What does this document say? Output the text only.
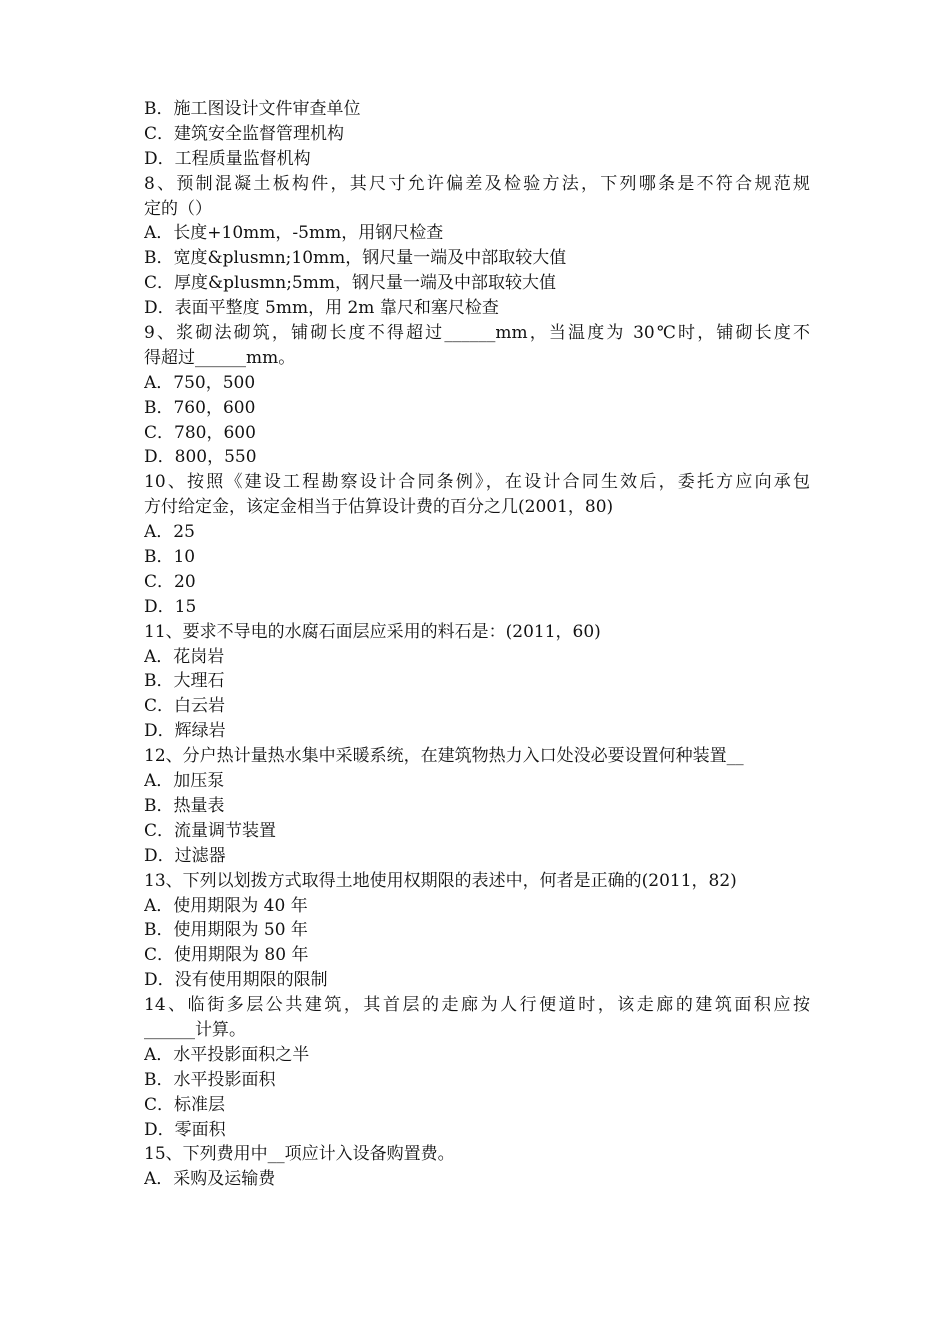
B．施工图设计文件审查单位
C．建筑安全监督管理机构
D．工程质量监督机构
8、预制混凝土板构件，其尺寸允许偏差及检验方法，下列哪条是不符合规范规
定的（）
A．长度+10mm，-5mm，用钢尺检查
B．宽度&plusmn;10mm，钢尺量一端及中部取较大值
C．厚度&plusmn;5mm，钢尺量一端及中部取较大值
D．表面平整度 5mm，用 2m 靠尺和塞尺检查
9、浆砌法砌筑，铺砌长度不得超过______mm，当温度为 30℃时，铺砌长度不
得超过______mm。
A．750，500
B．760，600
C．780，600
D．800，550
10、按照《建设工程勘察设计合同条例》，在设计合同生效后，委托方应向承包
方付给定金，该定金相当于估算设计费的百分之几(2001，80)
A．25
B．10
C．20
D．15
11、要求不导电的水腐石面层应采用的料石是：(2011，60)
A．花岗岩
B．大理石
C．白云岩
D．辉绿岩
12、分户热计量热水集中采暖系统，在建筑物热力入口处没必要设置何种装置__
A．加压泵
B．热量表
C．流量调节装置
D．过滤器
13、下列以划拨方式取得土地使用权期限的表述中，何者是正确的(2011，82)
A．使用期限为 40 年
B．使用期限为 50 年
C．使用期限为 80 年
D．没有使用期限的限制
14、临街多层公共建筑，其首层的走廊为人行便道时，该走廊的建筑面积应按
______计算。
A．水平投影面积之半
B．水平投影面积
C．标准层
D．零面积
15、下列费用中__项应计入设备购置费。
A．采购及运输费
